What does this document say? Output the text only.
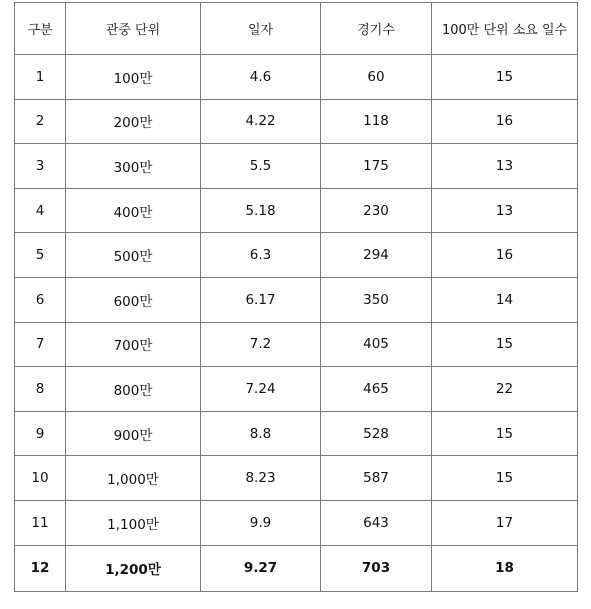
구분	관중 단위	일자	경기수	100만 단위 소요 일수
1	100만	4.6	60	15
2	200만	4.22	118	16
3	300만	5.5	175	13
4	400만	5.18	230	13
5	500만	6.3	294	16
6	600만	6.17	350	14
7	700만	7.2	405	15
8	800만	7.24	465	22
9	900만	8.8	528	15
10	1,000만	8.23	587	15
11	1,100만	9.9	643	17
12	1,200만	9.27	703	18
